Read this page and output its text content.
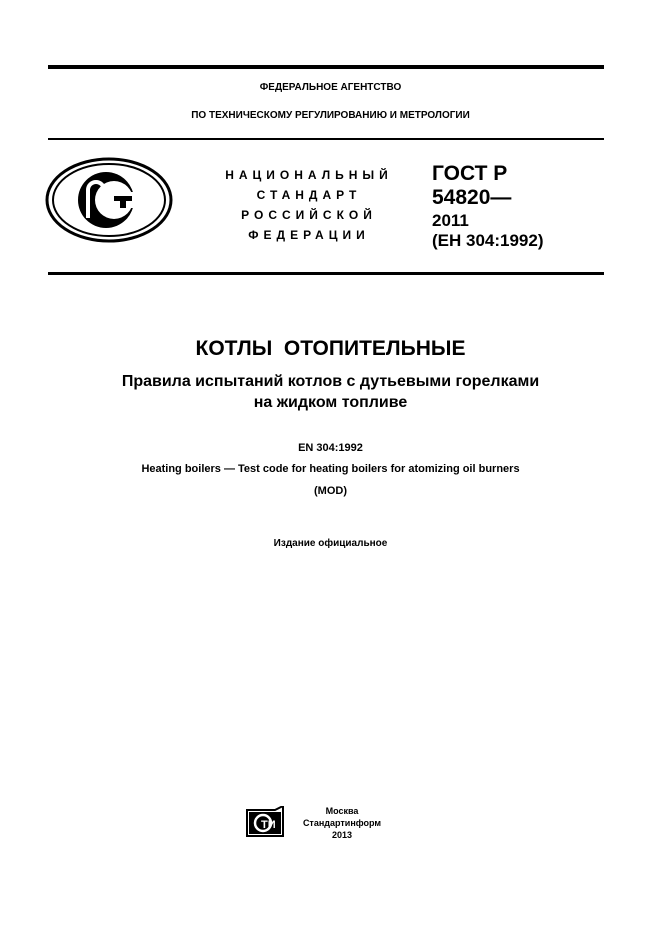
ФЕДЕРАЛЬНОЕ АГЕНТСТВО
ПО ТЕХНИЧЕСКОМУ РЕГУЛИРОВАНИЮ И МЕТРОЛОГИИ
НАЦИОНАЛЬНЫЙ
СТАНДАРТ
РОССИЙСКОЙ
ФЕДЕРАЦИИ
ГОСТ Р
54820—
2011
(ЕН 304:1992)
КОТЛЫ  ОТОПИТЕЛЬНЫЕ
Правила испытаний котлов с дутьевыми горелками
на жидком топливе
EN 304:1992
Heating boilers — Test code for heating boilers for atomizing oil burners
(MOD)
Издание официальное
ТИ
Москва
Стандартинформ
2013
